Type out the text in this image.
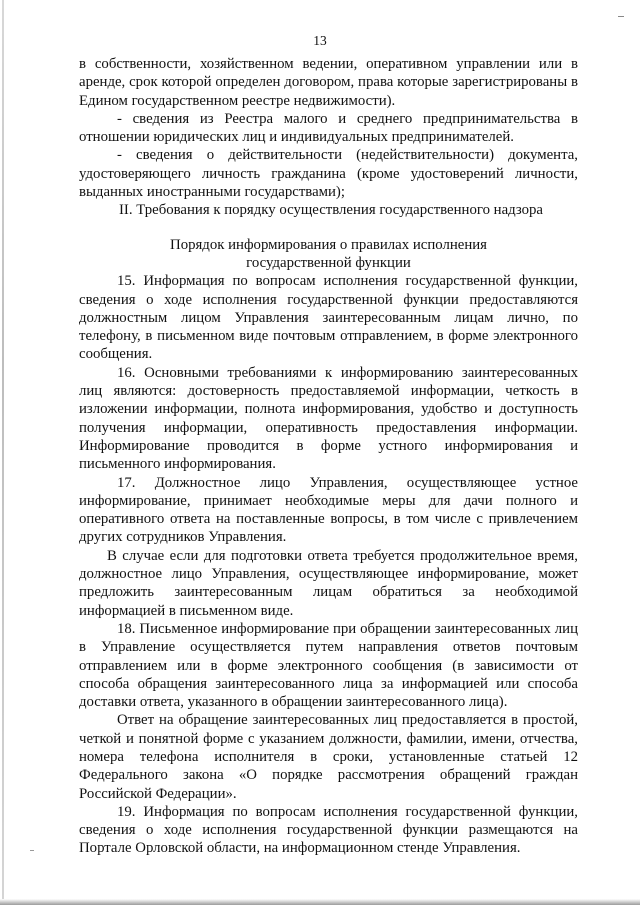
13

в собственности, хозяйственном ведении, оперативном управлении или в аренде, срок которой определен договором, права которые зарегистрированы в Едином государственном реестре недвижимости).

- сведения из Реестра малого и среднего предпринимательства в отношении юридических лиц и индивидуальных предпринимателей.

- сведения о действительности (недействительности) документа, удостоверяющего личность гражданина (кроме удостоверений личности, выданных иностранными государствами);

II. Требования к порядку осуществления государственного надзора

Порядок информирования о правилах исполнения
государственной функции

15. Информация по вопросам исполнения государственной функции, сведения о ходе исполнения государственной функции предоставляются должностным лицом Управления заинтересованным лицам лично, по телефону, в письменном виде почтовым отправлением, в форме электронного сообщения.

16. Основными требованиями к информированию заинтересованных лиц являются: достоверность предоставляемой информации, четкость в изложении информации, полнота информирования, удобство и доступность получения информации, оперативность предоставления информации. Информирование проводится в форме устного информирования и письменного информирования.

17. Должностное лицо Управления, осуществляющее устное информирование, принимает необходимые меры для дачи полного и оперативного ответа на поставленные вопросы, в том числе с привлечением других сотрудников Управления.

В случае если для подготовки ответа требуется продолжительное время, должностное лицо Управления, осуществляющее информирование, может предложить заинтересованным лицам обратиться за необходимой информацией в письменном виде.

18. Письменное информирование при обращении заинтересованных лиц в Управление осуществляется путем направления ответов почтовым отправлением или в форме электронного сообщения (в зависимости от способа обращения заинтересованного лица за информацией или способа доставки ответа, указанного в обращении заинтересованного лица).

Ответ на обращение заинтересованных лиц предоставляется в простой, четкой и понятной форме с указанием должности, фамилии, имени, отчества, номера телефона исполнителя в сроки, установленные статьей 12 Федерального закона «О порядке рассмотрения обращений граждан Российской Федерации».

19. Информация по вопросам исполнения государственной функции, сведения о ходе исполнения государственной функции размещаются на Портале Орловской области, на информационном стенде Управления.
